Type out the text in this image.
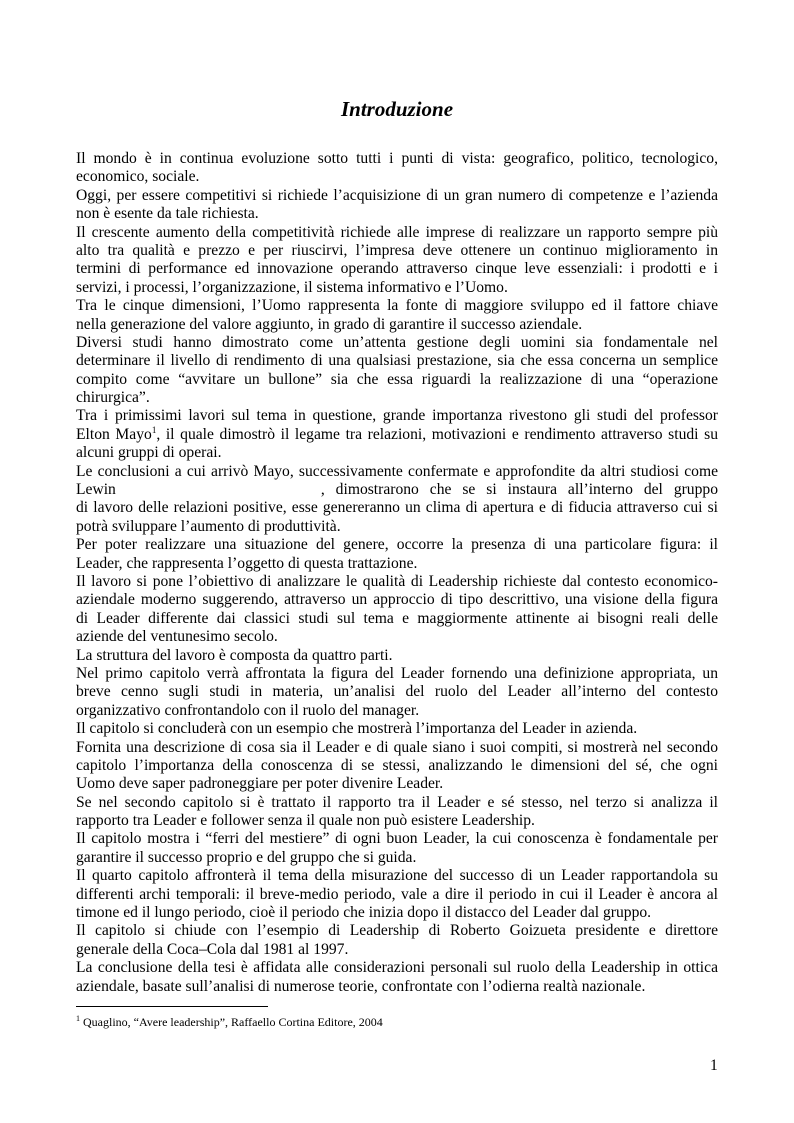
Introduzione
Il mondo è in continua evoluzione sotto tutti i punti di vista: geografico, politico, tecnologico,
economico, sociale.
Oggi, per essere competitivi si richiede l’acquisizione di un gran numero di competenze e l’azienda
non è esente da tale richiesta.
Il crescente aumento della competitività richiede alle imprese di realizzare un rapporto sempre più
alto tra qualità e prezzo e per riuscirvi, l’impresa deve ottenere un continuo miglioramento in
termini di performance ed innovazione operando attraverso cinque leve essenziali: i prodotti e i
servizi, i processi, l’organizzazione, il sistema informativo e l’Uomo.
Tra le cinque dimensioni, l’Uomo rappresenta la fonte di maggiore sviluppo ed il fattore chiave
nella generazione del valore aggiunto, in grado di garantire il successo aziendale.
Diversi studi hanno dimostrato come un’attenta gestione degli uomini sia fondamentale nel
determinare il livello di rendimento di una qualsiasi prestazione, sia che essa concerna un semplice
compito come “avvitare un bullone” sia che essa riguardi la realizzazione di una “operazione
chirurgica”.
Tra i primissimi lavori sul tema in questione, grande importanza rivestono gli studi del professor
Elton Mayo$^1$, il quale dimostrò il legame tra relazioni, motivazioni e rendimento attraverso studi su
alcuni gruppi di operai.
Le conclusioni a cui arrivò Mayo, successivamente confermate e approfondite da altri studiosi come
Lewin	, dimostrarono che se si instaura all’interno del gruppo
di lavoro delle relazioni positive, esse genereranno un clima di apertura e di fiducia attraverso cui si
potrà sviluppare l’aumento di produttività.
Per poter realizzare una situazione del genere, occorre la presenza di una particolare figura: il
Leader, che rappresenta l’oggetto di questa trattazione.
Il lavoro si pone l’obiettivo di analizzare le qualità di Leadership richieste dal contesto economico-
aziendale moderno suggerendo, attraverso un approccio di tipo descrittivo, una visione della figura
di Leader differente dai classici studi sul tema e maggiormente attinente ai bisogni reali delle
aziende del ventunesimo secolo.
La struttura del lavoro è composta da quattro parti.
Nel primo capitolo verrà affrontata la figura del Leader fornendo una definizione appropriata, un
breve cenno sugli studi in materia, un’analisi del ruolo del Leader all’interno del contesto
organizzativo confrontandolo con il ruolo del manager.
Il capitolo si concluderà con un esempio che mostrerà l’importanza del Leader in azienda.
Fornita una descrizione di cosa sia il Leader e di quale siano i suoi compiti, si mostrerà nel secondo
capitolo l’importanza della conoscenza di se stessi, analizzando le dimensioni del sé, che ogni
Uomo deve saper padroneggiare per poter divenire Leader.
Se nel secondo capitolo si è trattato il rapporto tra il Leader e sé stesso, nel terzo si analizza il
rapporto tra Leader e follower senza il quale non può esistere Leadership.
Il capitolo mostra i “ferri del mestiere” di ogni buon Leader, la cui conoscenza è fondamentale per
garantire il successo proprio e del gruppo che si guida.
Il quarto capitolo affronterà il tema della misurazione del successo di un Leader rapportandola su
differenti archi temporali: il breve-medio periodo, vale a dire il periodo in cui il Leader è ancora al
timone ed il lungo periodo, cioè il periodo che inizia dopo il distacco del Leader dal gruppo.
Il capitolo si chiude con l’esempio di Leadership di Roberto Goizueta presidente e direttore
generale della Coca–Cola dal 1981 al 1997.
La conclusione della tesi è affidata alle considerazioni personali sul ruolo della Leadership in ottica
aziendale, basate sull’analisi di numerose teorie, confrontate con l’odierna realtà nazionale.
$^1$ Quaglino, “Avere leadership”, Raffaello Cortina Editore, 2004
1
